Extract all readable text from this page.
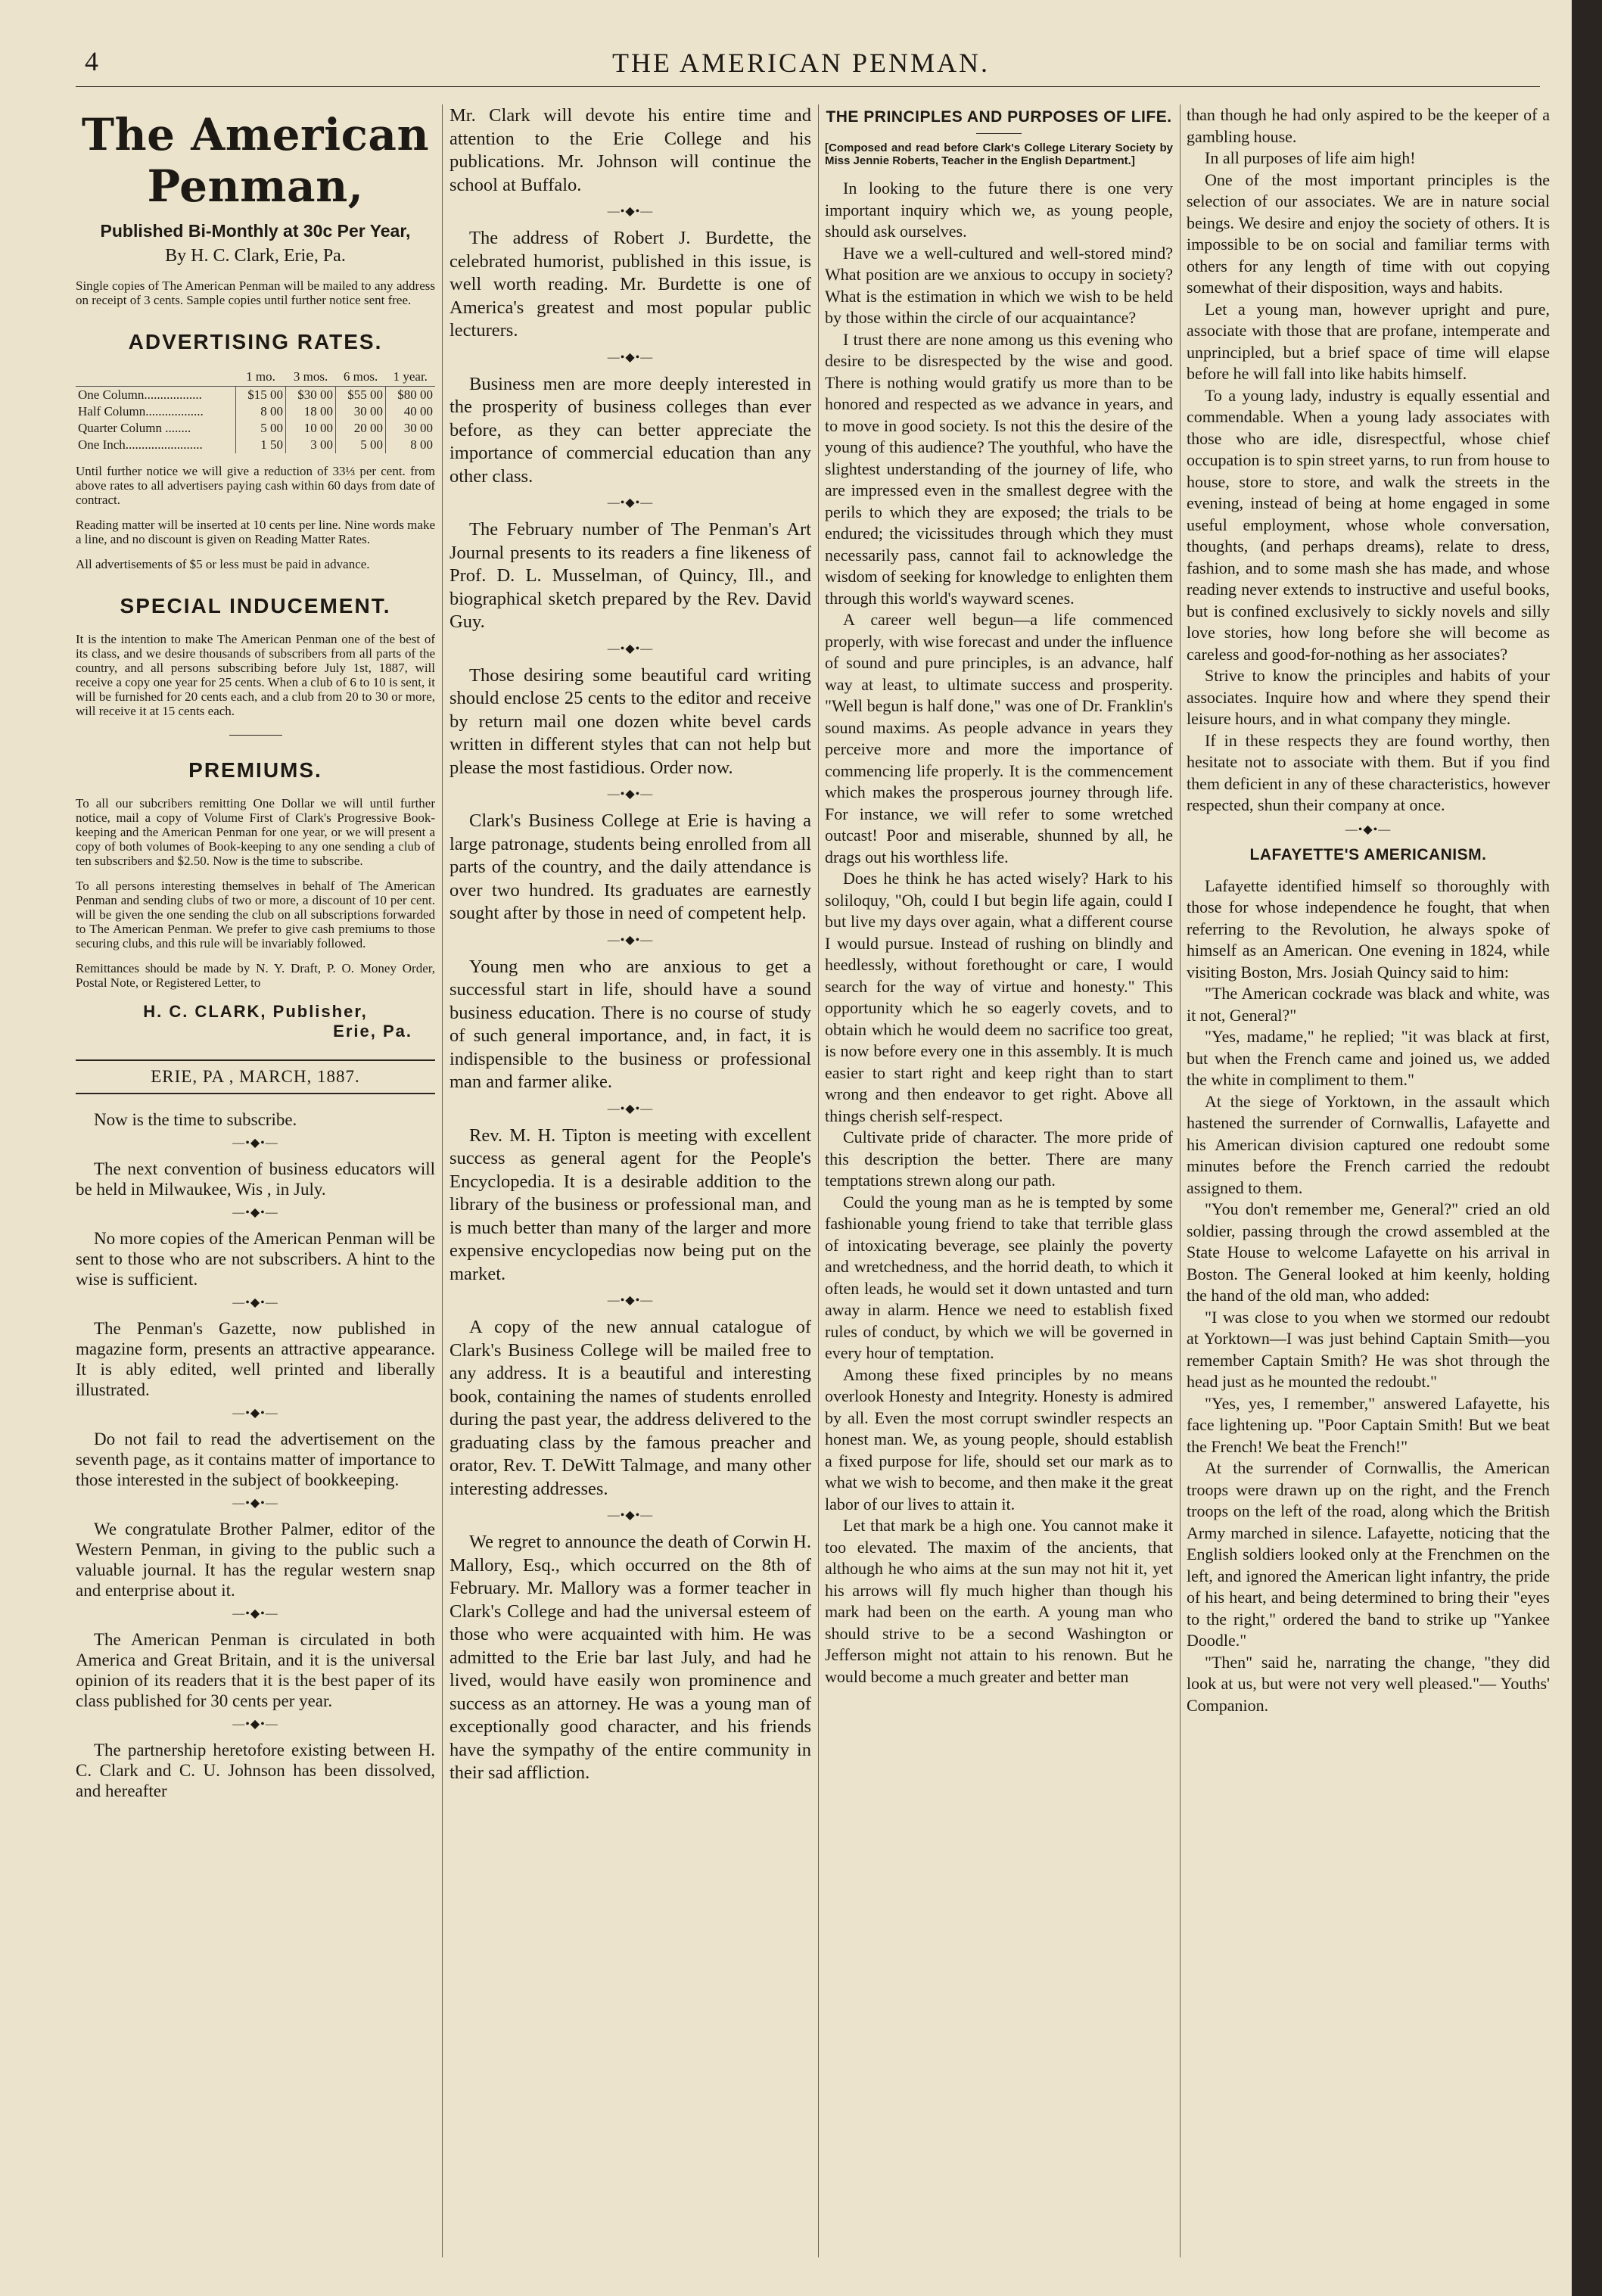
4	THE AMERICAN PENMAN.
The American Penman,
Published Bi-Monthly at 30c Per Year,
By H. C. Clark, Erie, Pa.
Single copies of The American Penman will be mailed to any address on receipt of 3 cents. Sample copies until further notice sent free.
ADVERTISING RATES.
	1 mo.	3 mos.	6 mos.	1 year.
One Column..................	$15 00	$30 00	$55 00	$80 00
Half Column..................	8 00	18 00	30 00	40 00
Quarter Column ........	5 00	10 00	20 00	30 00
One Inch........................	1 50	3 00	5 00	8 00
Until further notice we will give a reduction of 33⅓ per cent. from above rates to all advertisers paying cash within 60 days from date of contract.
Reading matter will be inserted at 10 cents per line. Nine words make a line, and no discount is given on Reading Matter Rates.
All advertisements of $5 or less must be paid in advance.
SPECIAL INDUCEMENT.
It is the intention to make The American Penman one of the best of its class, and we desire thousands of subscribers from all parts of the country, and all persons subscribing before July 1st, 1887, will receive a copy one year for 25 cents. When a club of 6 to 10 is sent, it will be furnished for 20 cents each, and a club from 20 to 30 or more, will receive it at 15 cents each.
PREMIUMS.
To all our subcribers remitting One Dollar we will until further notice, mail a copy of Volume First of Clark's Progressive Book-keeping and the American Penman for one year, or we will present a copy of both volumes of Book-keeping to any one sending a club of ten subscribers and $2.50. Now is the time to subscribe.
To all persons interesting themselves in behalf of The American Penman and sending clubs of two or more, a discount of 10 per cent. will be given the one sending the club on all subscriptions forwarded to The American Penman. We prefer to give cash premiums to those securing clubs, and this rule will be invariably followed.
Remittances should be made by N. Y. Draft, P. O. Money Order, Postal Note, or Registered Letter, to
H. C. CLARK, Publisher,
Erie, Pa.
ERIE, PA , MARCH, 1887.

Now is the time to subscribe.

—•◆•—

The next convention of business educators will be held in Milwaukee, Wis , in July.

—•◆•—

No more copies of the American Penman will be sent to those who are not subscribers. A hint to the wise is sufficient.

—•◆•—

The Penman's Gazette, now published in magazine form, presents an attractive appearance. It is ably edited, well printed and liberally illustrated.

—•◆•—

Do not fail to read the advertisement on the seventh page, as it contains matter of importance to those interested in the subject of bookkeeping.

—•◆•—

We congratulate Brother Palmer, editor of the Western Penman, in giving to the public such a valuable journal. It has the regular western snap and enterprise about it.

—•◆•—

The American Penman is circulated in both America and Great Britain, and it is the universal opinion of its readers that it is the best paper of its class published for 30 cents per year.

—•◆•—

The partnership heretofore existing between H. C. Clark and C. U. Johnson has been dissolved, and hereafter

Mr. Clark will devote his entire time and attention to the Erie College and his publications. Mr. Johnson will continue the school at Buffalo.

—•◆•—

The address of Robert J. Burdette, the celebrated humorist, published in this issue, is well worth reading. Mr. Burdette is one of America's greatest and most popular public lecturers.

—•◆•—

Business men are more deeply interested in the prosperity of business colleges than ever before, as they can better appreciate the importance of commercial education than any other class.

—•◆•—

The February number of The Penman's Art Journal presents to its readers a fine likeness of Prof. D. L. Musselman, of Quincy, Ill., and biographical sketch prepared by the Rev. David Guy.

—•◆•—

Those desiring some beautiful card writing should enclose 25 cents to the editor and receive by return mail one dozen white bevel cards written in different styles that can not help but please the most fastidious. Order now.

—•◆•—

Clark's Business College at Erie is having a large patronage, students being enrolled from all parts of the country, and the daily attendance is over two hundred. Its graduates are earnestly sought after by those in need of competent help.

—•◆•—

Young men who are anxious to get a successful start in life, should have a sound business education. There is no course of study of such general importance, and, in fact, it is indispensible to the business or professional man and farmer alike.

—•◆•—

Rev. M. H. Tipton is meeting with excellent success as general agent for the People's Encyclopedia. It is a desirable addition to the library of the business or professional man, and is much better than many of the larger and more expensive encyclopedias now being put on the market.

—•◆•—

A copy of the new annual catalogue of Clark's Business College will be mailed free to any address. It is a beautiful and interesting book, containing the names of students enrolled during the past year, the address delivered to the graduating class by the famous preacher and orator, Rev. T. DeWitt Talmage, and many other interesting addresses.

—•◆•—

We regret to announce the death of Corwin H. Mallory, Esq., which occurred on the 8th of February. Mr. Mallory was a former teacher in Clark's College and had the universal esteem of those who were acquainted with him. He was admitted to the Erie bar last July, and had he lived, would have easily won prominence and success as an attorney. He was a young man of exceptionally good character, and his friends have the sympathy of the entire community in their sad affliction.

THE PRINCIPLES AND PURPOSES OF LIFE.
[Composed and read before Clark's College Literary Society by Miss Jennie Roberts, Teacher in the English Department.]

In looking to the future there is one very important inquiry which we, as young people, should ask ourselves.

Have we a well-cultured and well-stored mind? What position are we anxious to occupy in society? What is the estimation in which we wish to be held by those within the circle of our acquaintance?

I trust there are none among us this evening who desire to be disrespected by the wise and good. There is nothing would gratify us more than to be honored and respected as we advance in years, and to move in good society. Is not this the desire of the young of this audience? The youthful, who have the slightest understanding of the journey of life, who are impressed even in the smallest degree with the perils to which they are exposed; the trials to be endured; the vicissitudes through which they must necessarily pass, cannot fail to acknowledge the wisdom of seeking for knowledge to enlighten them through this world's wayward scenes.

A career well begun—a life commenced properly, with wise forecast and under the influence of sound and pure principles, is an advance, half way at least, to ultimate success and prosperity. "Well begun is half done," was one of Dr. Franklin's sound maxims. As people advance in years they perceive more and more the importance of commencing life properly. It is the commencement which makes the prosperous journey through life. For instance, we will refer to some wretched outcast! Poor and miserable, shunned by all, he drags out his worthless life.

Does he think he has acted wisely? Hark to his soliloquy, "Oh, could I but begin life again, could I but live my days over again, what a different course I would pursue. Instead of rushing on blindly and heedlessly, without forethought or care, I would search for the way of virtue and honesty." This opportunity which he so eagerly covets, and to obtain which he would deem no sacrifice too great, is now before every one in this assembly. It is much easier to start right and keep right than to start wrong and then endeavor to get right. Above all things cherish self-respect.

Cultivate pride of character. The more pride of this description the better. There are many temptations strewn along our path.

Could the young man as he is tempted by some fashionable young friend to take that terrible glass of intoxicating beverage, see plainly the poverty and wretchedness, and the horrid death, to which it often leads, he would set it down untasted and turn away in alarm. Hence we need to establish fixed rules of conduct, by which we will be governed in every hour of temptation.

Among these fixed principles by no means overlook Honesty and Integrity. Honesty is admired by all. Even the most corrupt swindler respects an honest man. We, as young people, should establish a fixed purpose for life, should set our mark as to what we wish to become, and then make it the great labor of our lives to attain it.

Let that mark be a high one. You cannot make it too elevated. The maxim of the ancients, that although he who aims at the sun may not hit it, yet his arrows will fly much higher than though his mark had been on the earth. A young man who should strive to be a second Washington or Jefferson might not attain to his renown. But he would become a much greater and better man

than though he had only aspired to be the keeper of a gambling house.

In all purposes of life aim high!

One of the most important principles is the selection of our associates. We are in nature social beings. We desire and enjoy the society of others. It is impossible to be on social and familiar terms with others for any length of time with out copying somewhat of their disposition, ways and habits.

Let a young man, however upright and pure, associate with those that are profane, intemperate and unprincipled, but a brief space of time will elapse before he will fall into like habits himself.

To a young lady, industry is equally essential and commendable. When a young lady associates with those who are idle, disrespectful, whose chief occupation is to spin street yarns, to run from house to house, store to store, and walk the streets in the evening, instead of being at home engaged in some useful employment, whose whole conversation, thoughts, (and perhaps dreams), relate to dress, fashion, and to some mash she has made, and whose reading never extends to instructive and useful books, but is confined exclusively to sickly novels and silly love stories, how long before she will become as careless and good-for-nothing as her associates?

Strive to know the principles and habits of your associates. Inquire how and where they spend their leisure hours, and in what company they mingle.

If in these respects they are found worthy, then hesitate not to associate with them. But if you find them deficient in any of these characteristics, however respected, shun their company at once.

—•◆•—
LAFAYETTE'S AMERICANISM.

Lafayette identified himself so thoroughly with those for whose independence he fought, that when referring to the Revolution, he always spoke of himself as an American. One evening in 1824, while visiting Boston, Mrs. Josiah Quincy said to him:

"The American cockrade was black and white, was it not, General?"

"Yes, madame," he replied; "it was black at first, but when the French came and joined us, we added the white in compliment to them."

At the siege of Yorktown, in the assault which hastened the surrender of Cornwallis, Lafayette and his American division captured one redoubt some minutes before the French carried the redoubt assigned to them.

"You don't remember me, General?" cried an old soldier, passing through the crowd assembled at the State House to welcome Lafayette on his arrival in Boston. The General looked at him keenly, holding the hand of the old man, who added:

"I was close to you when we stormed our redoubt at Yorktown—I was just behind Captain Smith—you remember Captain Smith? He was shot through the head just as he mounted the redoubt."

"Yes, yes, I remember," answered Lafayette, his face lightening up. "Poor Captain Smith! But we beat the French! We beat the French!"

At the surrender of Cornwallis, the American troops were drawn up on the right, and the French troops on the left of the road, along which the British Army marched in silence. Lafayette, noticing that the English soldiers looked only at the Frenchmen on the left, and ignored the American light infantry, the pride of his heart, and being determined to bring their "eyes to the right," ordered the band to strike up "Yankee Doodle."

"Then" said he, narrating the change, "they did look at us, but were not very well pleased."— Youths' Companion.
